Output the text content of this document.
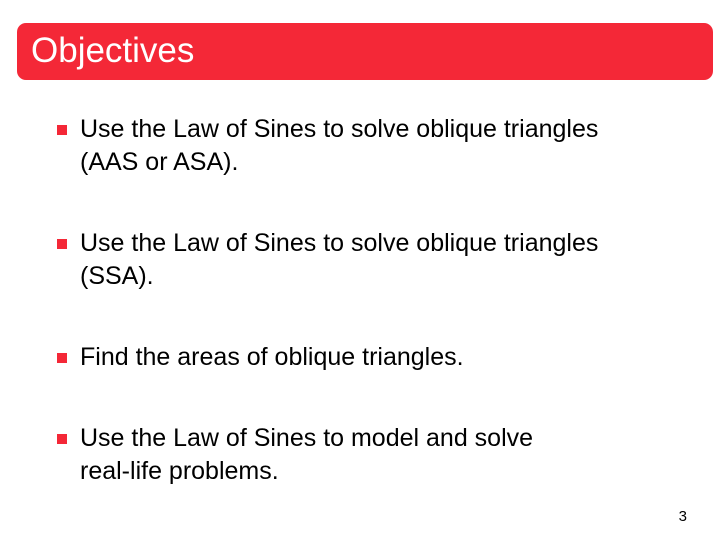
Objectives
Use the Law of Sines to solve oblique triangles
(AAS or ASA).
Use the Law of Sines to solve oblique triangles
(SSA).
Find the areas of oblique triangles.
Use the Law of Sines to model and solve
real-life problems.
3
